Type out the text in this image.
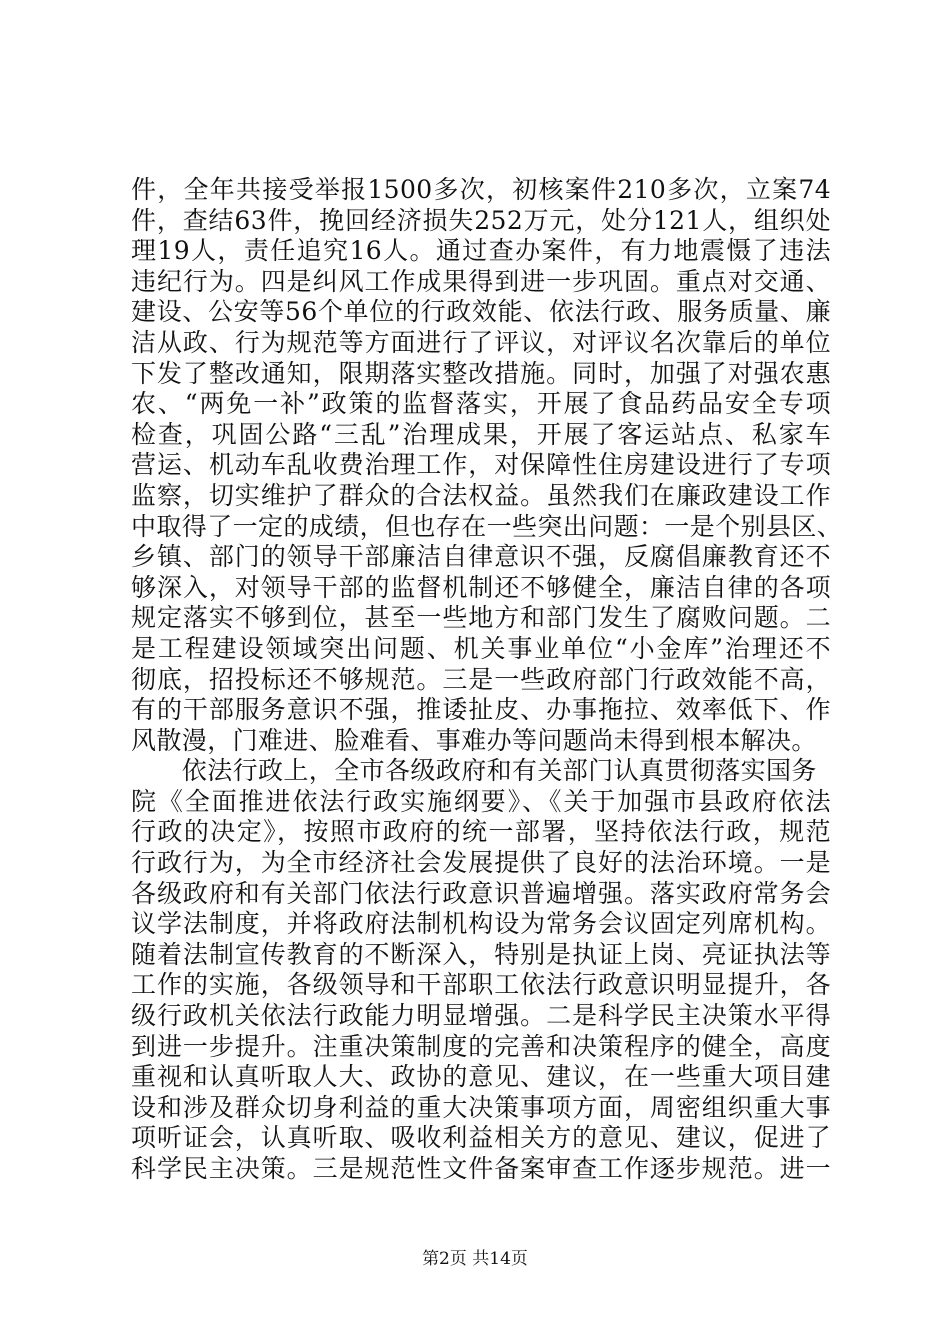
件，全年共接受举报1500多次，初核案件210多次，立案74
件，查结63件，挽回经济损失252万元，处分121人，组织处
理19人，责任追究16人。通过查办案件，有力地震慑了违法
违纪行为。四是纠风工作成果得到进一步巩固。重点对交通、
建设、公安等56个单位的行政效能、依法行政、服务质量、廉
洁从政、行为规范等方面进行了评议，对评议名次靠后的单位
下发了整改通知，限期落实整改措施。同时，加强了对强农惠
农、“两免一补”政策的监督落实，开展了食品药品安全专项
检查，巩固公路“三乱”治理成果，开展了客运站点、私家车
营运、机动车乱收费治理工作，对保障性住房建设进行了专项
监察，切实维护了群众的合法权益。虽然我们在廉政建设工作
中取得了一定的成绩，但也存在一些突出问题：一是个别县区、
乡镇、部门的领导干部廉洁自律意识不强，反腐倡廉教育还不
够深入，对领导干部的监督机制还不够健全，廉洁自律的各项
规定落实不够到位，甚至一些地方和部门发生了腐败问题。二
是工程建设领域突出问题、机关事业单位“小金库”治理还不
彻底，招投标还不够规范。三是一些政府部门行政效能不高，
有的干部服务意识不强，推诿扯皮、办事拖拉、效率低下、作
风散漫，门难进、脸难看、事难办等问题尚未得到根本解决。
　　依法行政上，全市各级政府和有关部门认真贯彻落实国务
院《全面推进依法行政实施纲要》、《关于加强市县政府依法
行政的决定》，按照市政府的统一部署，坚持依法行政，规范
行政行为，为全市经济社会发展提供了良好的法治环境。一是
各级政府和有关部门依法行政意识普遍增强。落实政府常务会
议学法制度，并将政府法制机构设为常务会议固定列席机构。
随着法制宣传教育的不断深入，特别是执证上岗、亮证执法等
工作的实施，各级领导和干部职工依法行政意识明显提升，各
级行政机关依法行政能力明显增强。二是科学民主决策水平得
到进一步提升。注重决策制度的完善和决策程序的健全，高度
重视和认真听取人大、政协的意见、建议，在一些重大项目建
设和涉及群众切身利益的重大决策事项方面，周密组织重大事
项听证会，认真听取、吸收利益相关方的意见、建议，促进了
科学民主决策。三是规范性文件备案审查工作逐步规范。进一
第2页 共14页
